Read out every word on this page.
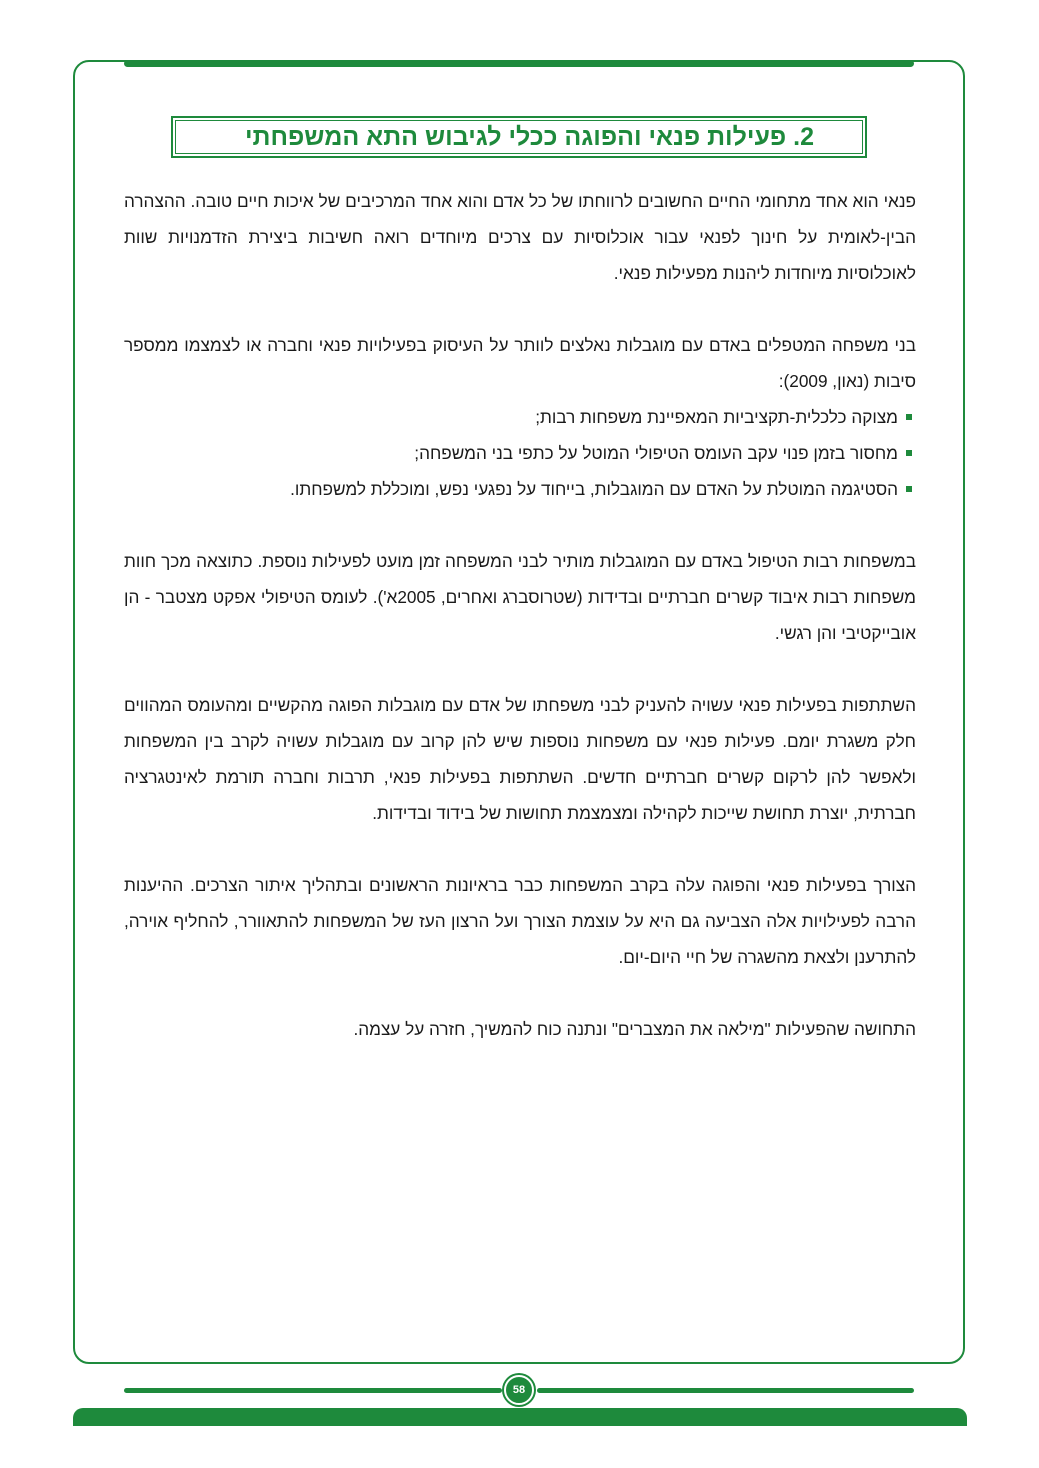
2. פעילות פנאי והפוגה ככלי לגיבוש התא המשפחתי

פנאי הוא אחד מתחומי החיים החשובים לרווחתו של כל אדם והוא אחד המרכיבים של איכות חיים טובה. ההצהרה הבין-לאומית על חינוך לפנאי עבור אוכלוסיות עם צרכים מיוחדים רואה חשיבות ביצירת הזדמנויות שוות לאוכלוסיות מיוחדות ליהנות מפעילות פנאי.

בני משפחה המטפלים באדם עם מוגבלות נאלצים לוותר על העיסוק בפעילויות פנאי וחברה או לצמצמו ממספר סיבות (נאון, 2009):

מצוקה כלכלית-תקציביות המאפיינת משפחות רבות;
מחסור בזמן פנוי עקב העומס הטיפולי המוטל על כתפי בני המשפחה;
הסטיגמה המוטלת על האדם עם המוגבלות, בייחוד על נפגעי נפש, ומוכללת למשפחתו.

במשפחות רבות הטיפול באדם עם המוגבלות מותיר לבני המשפחה זמן מועט לפעילות נוספת. כתוצאה מכך חוות משפחות רבות איבוד קשרים חברתיים ובדידות (שטרוסברג ואחרים, 2005א'). לעומס הטיפולי אפקט מצטבר - הן אובייקטיבי והן רגשי.

השתתפות בפעילות פנאי עשויה להעניק לבני משפחתו של אדם עם מוגבלות הפוגה מהקשיים ומהעומס המהווים חלק משגרת יומם. פעילות פנאי עם משפחות נוספות שיש להן קרוב עם מוגבלות עשויה לקרב בין המשפחות ולאפשר להן לרקום קשרים חברתיים חדשים. השתתפות בפעילות פנאי, תרבות וחברה תורמת לאינטגרציה חברתית, יוצרת תחושת שייכות לקהילה ומצמצמת תחושות של בידוד ובדידות.

הצורך בפעילות פנאי והפוגה עלה בקרב המשפחות כבר בראיונות הראשונים ובתהליך איתור הצרכים. ההיענות הרבה לפעילויות אלה הצביעה גם היא על עוצמת הצורך ועל הרצון העז של המשפחות להתאוורר, להחליף אוירה, להתרענן ולצאת מהשגרה של חיי היום-יום.

התחושה שהפעילות "מילאה את המצברים" ונתנה כוח להמשיך, חזרה על עצמה.

58
